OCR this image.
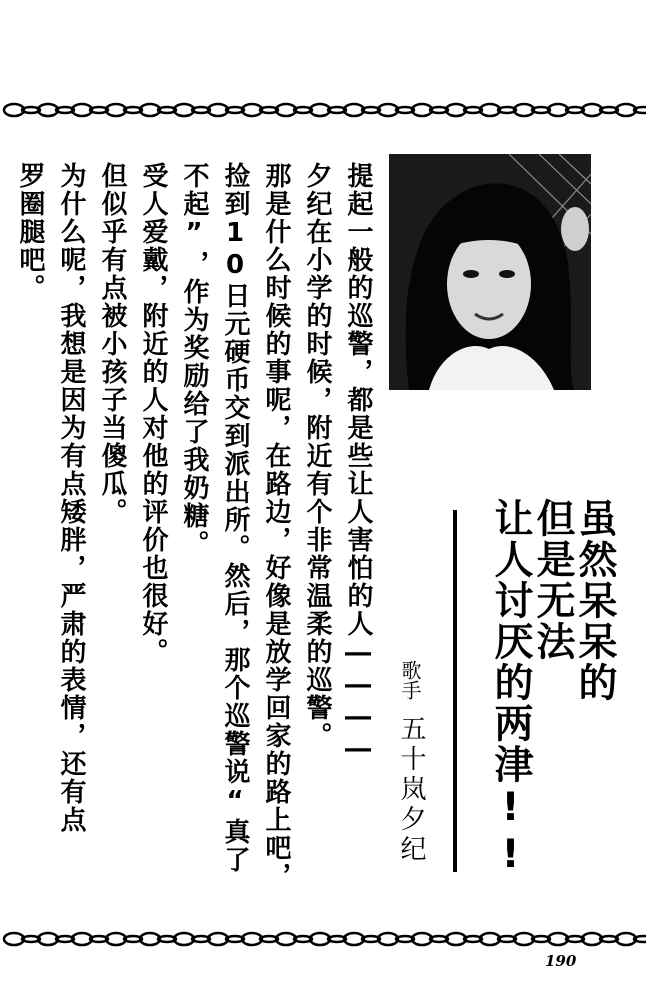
虽然呆呆的
但是无法
让人讨厌的两津!!
歌手
五十岚夕纪
提起一般的巡警，都是些让人害怕的人――――
夕纪在小学的时候，附近有个非常温柔的巡警。
那是什么时候的事呢，在路边，好像是放学回家的路上吧，
捡到10日元硬币交到派出所。然后，那个巡警说“真了
不起”，作为奖励给了我奶糖。
受人爱戴，附近的人对他的评价也很好。
但似乎有点被小孩子当傻瓜。
为什么呢，我想是因为有点矮胖，严肃的表情，还有点
罗圈腿吧。
190
